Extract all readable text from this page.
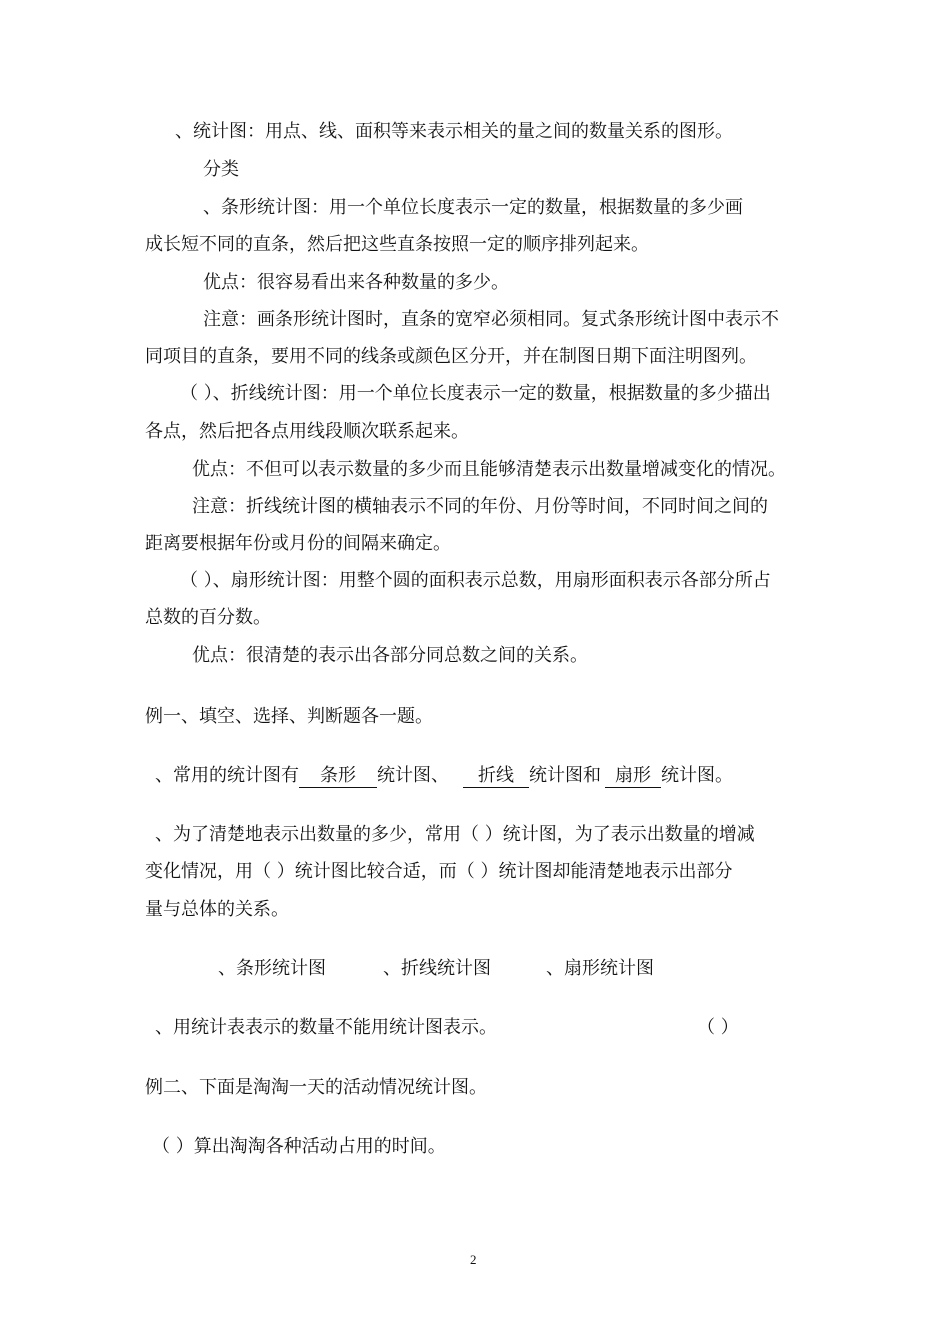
、统计图：用点、线、面积等来表示相关的量之间的数量关系的图形。
分类
、条形统计图：用一个单位长度表示一定的数量，根据数量的多少画
成长短不同的直条，然后把这些直条按照一定的顺序排列起来。
优点：很容易看出来各种数量的多少。
注意：画条形统计图时，直条的宽窄必须相同。复式条形统计图中表示不
同项目的直条，要用不同的线条或颜色区分开，并在制图日期下面注明图列。
（ ）、折线统计图：用一个单位长度表示一定的数量，根据数量的多少描出
各点，然后把各点用线段顺次联系起来。
优点：不但可以表示数量的多少而且能够清楚表示出数量增减变化的情况。
注意：折线统计图的横轴表示不同的年份、月份等时间，不同时间之间的
距离要根据年份或月份的间隔来确定。
（ ）、扇形统计图：用整个圆的面积表示总数，用扇形面积表示各部分所占
总数的百分数。
优点：很清楚的表示出各部分同总数之间的关系。
例一、填空、选择、判断题各一题。
、常用的统计图有 条形 统计图、 折线 统计图和 扇形 统计图。
、为了清楚地表示出数量的多少，常用（ ）统计图，为了表示出数量的增减
变化情况，用（ ）统计图比较合适，而（ ）统计图却能清楚地表示出部分
量与总体的关系。
、条形统计图	、折线统计图	、扇形统计图
、用统计表表示的数量不能用统计图表示。	（ ）
例二、下面是淘淘一天的活动情况统计图。
（ ）算出淘淘各种活动占用的时间。
2
